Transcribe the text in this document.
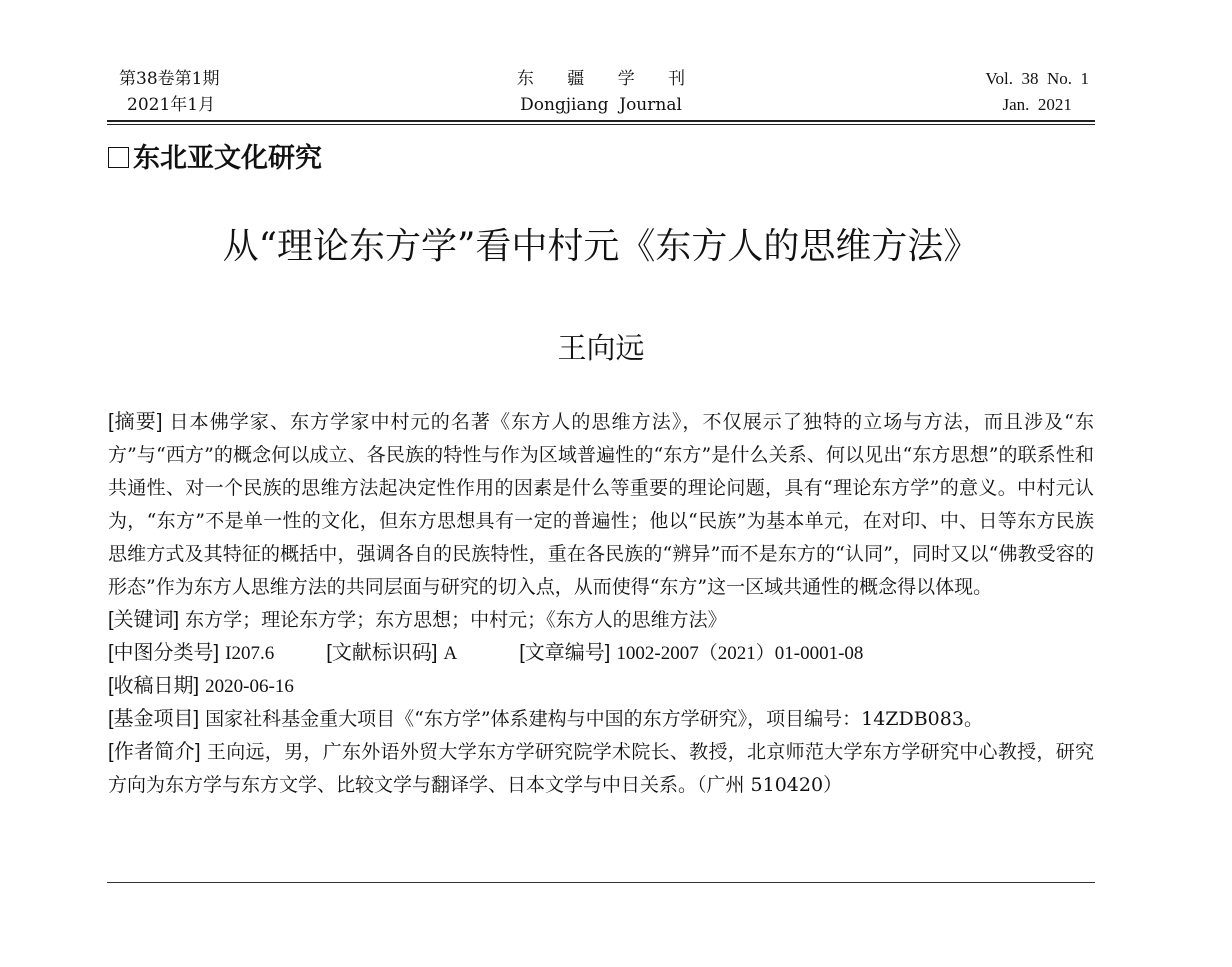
第38卷第1期
2021年1月
东 疆 学 刊
Dongjiang  Journal
Vol.  38  No.  1
Jan.  2021
东北亚文化研究
从“理论东方学”看中村元《东方人的思维方法》
王向远

[摘要] 日本佛学家、东方学家中村元的名著《东方人的思维方法》，不仅展示了独特的立场与方法，而且涉及“东方”与“西方”的概念何以成立、各民族的特性与作为区域普遍性的“东方”是什么关系、何以见出“东方思想”的联系性和共通性、对一个民族的思维方法起决定性作用的因素是什么等重要的理论问题，具有“理论东方学”的意义。中村元认为，“东方”不是单一性的文化，但东方思想具有一定的普遍性；他以“民族”为基本单元，在对印、中、日等东方民族思维方式及其特征的概括中，强调各自的民族特性，重在各民族的“辨异”而不是东方的“认同”，同时又以“佛教受容的形态”作为东方人思维方法的共同层面与研究的切入点，从而使得“东方”这一区域共通性的概念得以体现。

[关键词] 东方学；理论东方学；东方思想；中村元；《东方人的思维方法》

[中图分类号] I207.6	[文献标识码] A	[文章编号] 1002-2007（2021）01-0001-08

[收稿日期] 2020-06-16

[基金项目] 国家社科基金重大项目《“东方学”体系建构与中国的东方学研究》，项目编号：14ZDB083。

[作者简介] 王向远，男，广东外语外贸大学东方学研究院学术院长、教授，北京师范大学东方学研究中心教授，研究方向为东方学与东方文学、比较文学与翻译学、日本文学与中日关系。（广州 510420）
